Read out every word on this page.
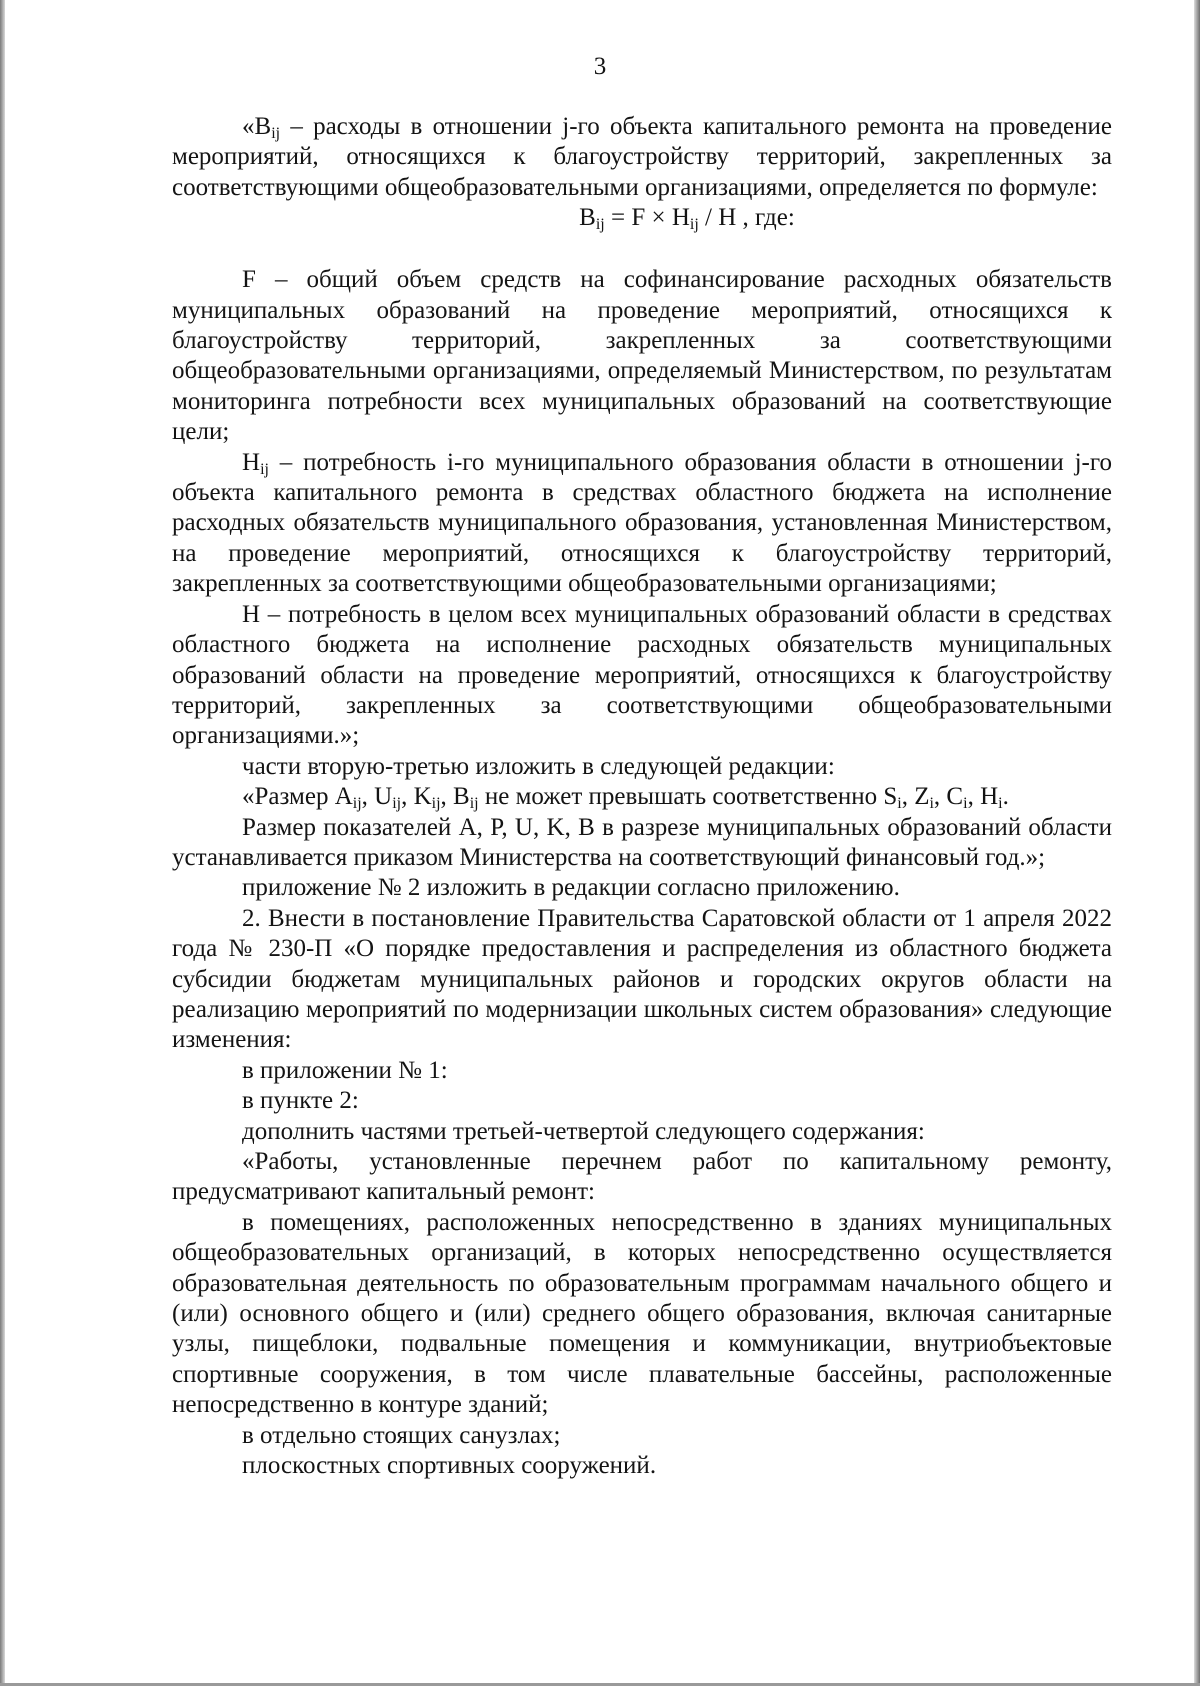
3

«$B_{ij}$ – расходы в отношении j-го объекта капитального ремонта на проведение мероприятий, относящихся к благоустройству территорий, закрепленных за соответствующими общеобразовательными организациями, определяется по формуле:

$B_{ij} = F \times H_{ij} / H$ , где:

F – общий объем средств на софинансирование расходных обязательств муниципальных образований на проведение мероприятий, относящихся к благоустройству территорий, закрепленных за соответствующими общеобразовательными организациями, определяемый Министерством, по результатам мониторинга потребности всех муниципальных образований на соответствующие цели;

$H_{ij}$ – потребность i-го муниципального образования области в отношении j-го объекта капитального ремонта в средствах областного бюджета на исполнение расходных обязательств муниципального образования, установленная Министерством, на проведение мероприятий, относящихся к благоустройству территорий, закрепленных за соответствующими общеобразовательными организациями;

H – потребность в целом всех муниципальных образований области в средствах областного бюджета на исполнение расходных обязательств муниципальных образований области на проведение мероприятий, относящихся к благоустройству территорий, закрепленных за соответствующими общеобразовательными организациями.»;

части вторую-третью изложить в следующей редакции:

«Размер $A_{ij}$, $U_{ij}$, $K_{ij}$, $B_{ij}$ не может превышать соответственно $S_i$, $Z_i$, $C_i$, $H_i$.

Размер показателей A, P, U, K, B в разрезе муниципальных образований области устанавливается приказом Министерства на соответствующий финансовый год.»;

приложение № 2 изложить в редакции согласно приложению.

2. Внести в постановление Правительства Саратовской области от 1 апреля 2022 года № 230-П «О порядке предоставления и распределения из областного бюджета субсидии бюджетам муниципальных районов и городских округов области на реализацию мероприятий по модернизации школьных систем образования» следующие изменения:

в приложении № 1:

в пункте 2:

дополнить частями третьей-четвертой следующего содержания:

«Работы, установленные перечнем работ по капитальному ремонту, предусматривают капитальный ремонт:

в помещениях, расположенных непосредственно в зданиях муниципальных общеобразовательных организаций, в которых непосредственно осуществляется образовательная деятельность по образовательным программам начального общего и (или) основного общего и (или) среднего общего образования, включая санитарные узлы, пищеблоки, подвальные помещения и коммуникации, внутриобъектовые спортивные сооружения, в том числе плавательные бассейны, расположенные непосредственно в контуре зданий;

в отдельно стоящих санузлах;

плоскостных спортивных сооружений.
